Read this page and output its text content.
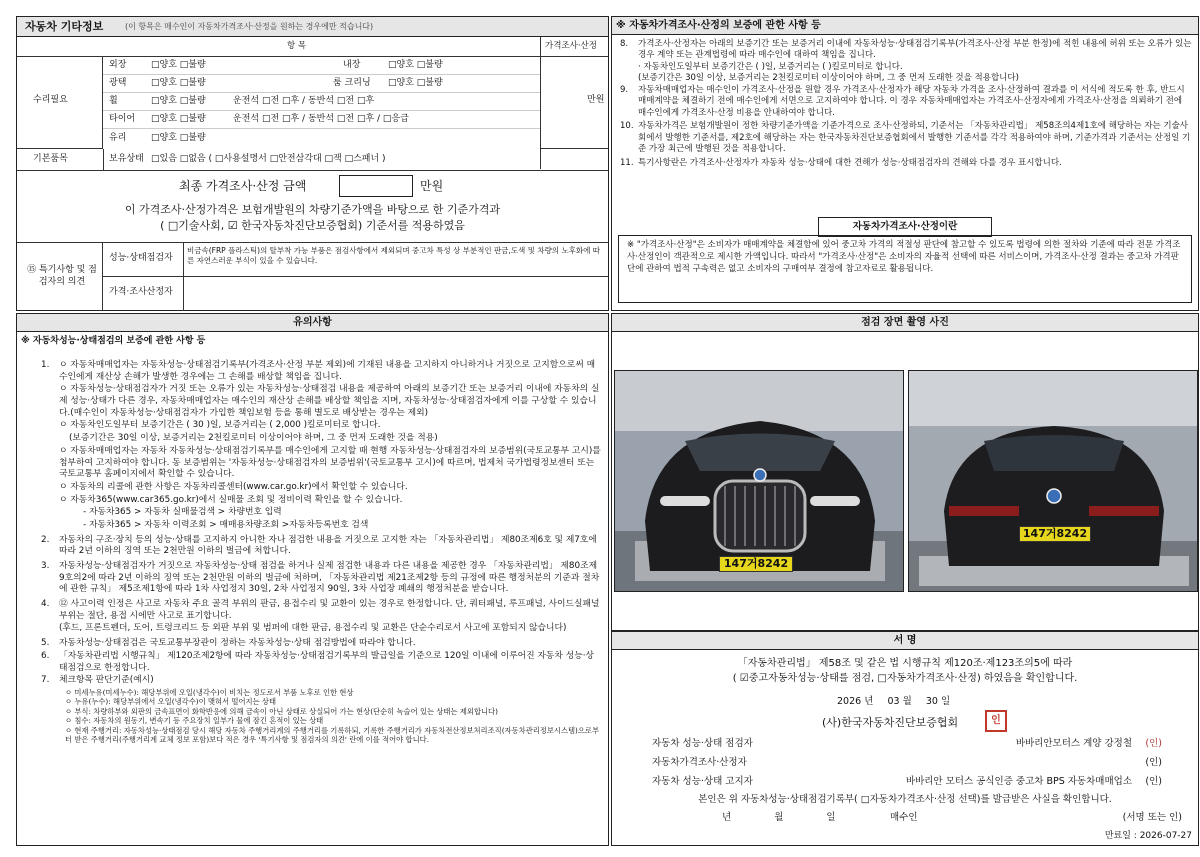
자동차 기타정보	(이 항목은 매수인이 자동차가격조사·산정을 원하는 경우에만 적습니다)
항 목	가격조사·산정
수리필요
외장	□양호 □불량	내장	□양호 □불량
광택	□양호 □불량	룸 크리닝 □양호 □불량
휠	□양호 □불량	운전석 □전 □후 / 동반석 □전 □후
타이어 □양호 □불량	운전석 □전 □후 / 동반석 □전 □후 / □응급
유리	□양호 □불량
만원
기본품목	보유상태 □있음 □없음 ( □사용설명서 □안전삼각대 □잭 □스패너 )
최종 가격조사·산정 금액	만원
이 가격조사·산정가격은 보험개발원의 차량기준가액을 바탕으로 한 기준가격과
( □기술사회, ☑ 한국자동차진단보증협회) 기준서를 적용하였음
⑮ 특기사항 및 점검자의 의견
성능·상태점검자
비금속(FRP 플라스틱)의 탈부착 가능 부품은 점검사항에서 제외되며 중고차 특성 상 부분적인 판금,도색 및 차량의 노후화에 따른 자연스러운 부식이 있을 수 있습니다.
가격·조사산정자
※ 자동차가격조사·산정의 보증에 관한 사항 등
8.	가격조사·산정자는 아래의 보증기간 또는 보증거리 이내에 자동차성능·상태점검기록부(가격조사·산정 부분 한정)에 적힌 내용에 허위 또는 오류가 있는 경우 계약 또는 관계법령에 따라 매수인에 대하여 책임을 집니다.
· 자동차인도일부터 보증기간은 ( )일, 보증거리는 ( )킬로미터로 합니다.
(보증기간은 30일 이상, 보증거리는 2천킬로미터 이상이어야 하며, 그 중 먼저 도래한 것을 적용합니다)
9.	자동차매매업자는 매수인이 가격조사·산정을 원할 경우 가격조사·산정자가 해당 자동차 가격을 조사·산정하여 결과를 이 서식에 적도록 한 후, 반드시 매매계약을 체결하기 전에 매수인에게 서면으로 고지하여야 합니다. 이 경우 자동차매매업자는 가격조사·산정자에게 가격조사·산정을 의뢰하기 전에 매수인에게 가격조사·산정 비용을 안내하여야 합니다.
10. 자동차가격은 보험개발원이 정한 차량기준가액을 기준가격으로 조사·산정하되, 기준서는 「자동차관리법」 제58조의4제1호에 해당하는 자는 기술사회에서 발행한 기준서를, 제2호에 해당하는 자는 한국자동차진단보증협회에서 발행한 기준서를 각각 적용하여야 하며, 기준가격과 기준서는 산정일 기준 가장 최근에 발행된 것을 적용합니다.
11. 특기사항란은 가격조사·산정자가 자동차 성능·상태에 대한 견해가 성능·상태점검자의 견해와 다를 경우 표시합니다.
자동차가격조사·산정이란
※ "가격조사·산정"은 소비자가 매매계약을 체결함에 있어 중고차 가격의 적절성 판단에 참고할 수 있도록 법령에 의한 절차와 기준에 따라 전문 가격조사·산정인이 객관적으로 제시한 가액입니다. 따라서 "가격조사·산정"은 소비자의 자율적 선택에 따른 서비스이며, 가격조사·산정 결과는 중고차 가격판단에 관하여 법적 구속력은 없고 소비자의 구매여부 결정에 참고자료로 활용됩니다.
유의사항
※ 자동차성능·상태점검의 보증에 관한 사항 등
1.	ㅇ 자동차매매업자는 자동차성능·상태점검기록부(가격조사·산정 부분 제외)에 기재된 내용을 고지하지 아니하거나 거짓으로 고지함으로써 매수인에게 재산상 손해가 발생한 경우에는 그 손해를 배상할 책임을 집니다.
ㅇ 자동차성능·상태점검자가 거짓 또는 오류가 있는 자동차성능·상태점검 내용을 제공하여 아래의 보증기간 또는 보증거리 이내에 자동차의 실제 성능·상태가 다른 경우, 자동차매매업자는 매수인의 재산상 손해를 배상할 책임을 지며, 자동차성능·상태점검자에게 이를 구상할 수 있습니다.(매수인이 자동차성능·상태점검자가 가입한 책임보험 등을 통해 별도로 배상받는 경우는 제외)
ㅇ 자동차인도일부터 보증기간은 ( 30 )일, 보증거리는 ( 2,000 )킬로미터로 합니다.
(보증기간은 30일 이상, 보증거리는 2천킬로미터 이상이어야 하며, 그 중 먼저 도래한 것을 적용)
ㅇ 자동차매매업자는 자동차 자동차성능·상태점검기록부를 매수인에게 고지할 때 현행 자동차성능·상태점검자의 보증범위(국토교통부 고시)를 첨부하여 고지하여야 합니다. 동 보증범위는 '자동차성능·상태점검자의 보증범위'(국토교통부 고시)에 따르며, 법제처 국가법령정보센터 또는 국토교통부 홈페이지에서 확인할 수 있습니다.
ㅇ 자동차의 리콜에 관한 사항은 자동차리콜센터(www.car.go.kr)에서 확인할 수 있습니다.
ㅇ 자동차365(www.car365.go.kr)에서 실매물 조회 및 정비이력 확인을 할 수 있습니다.
- 자동차365 > 자동차 실매물검색 > 차량번호 입력
- 자동차365 > 자동차 이력조회 > 매매용차량조회 >자동차등록번호 검색
2.	자동차의 구조·장치 등의 성능·상태를 고지하지 아니한 자나 점검한 내용을 거짓으로 고지한 자는 「자동차관리법」 제80조제6호 및 제7호에 따라 2년 이하의 징역 또는 2천만원 이하의 벌금에 처합니다.
3.	자동차성능·상태점검자가 거짓으로 자동차성능·상태 점검을 하거나 실제 점검한 내용과 다른 내용을 제공한 경우 「자동차관리법」 제80조제9호의2에 따라 2년 이하의 징역 또는 2천만원 이하의 벌금에 처하며, 「자동차관리법 제21조제2항 등의 규정에 따른 행정처분의 기준과 절차에 관한 규칙」 제5조제1항에 따라 1차 사업정지 30일, 2차 사업정지 90일, 3차 사업장 폐쇄의 행정처분을 받습니다.
4.	⑫ 사고이력 인정은 사고로 자동차 주요 골격 부위의 판금, 용접수리 및 교환이 있는 경우로 한정합니다. 단, 쿼터패널, 루프패널, 사이드실패널 부위는 절단, 용접 시에만 사고로 표기합니다.
(후드, 프론트펜더, 도어, 트렁크리드 등 외판 부위 및 범퍼에 대한 판금, 용접수리 및 교환은 단순수리로서 사고에 포함되지 않습니다)
5.	자동차성능·상태점검은 국토교통부장관이 정하는 자동차성능·상태 점검방법에 따라야 합니다.
6.	「자동차관리법 시행규칙」 제120조제2항에 따라 자동차성능·상태점검기록부의 발급일을 기준으로 120일 이내에 이루어진 자동차 성능·상태점검으로 한정합니다.
7.	체크항목 판단기준(예시)
ㅇ 미세누유(미세누수): 해당부위에 오일(냉각수)이 비치는 정도로서 부품 노후로 인한 현상
ㅇ 누유(누수): 해당부위에서 오일(냉각수)이 맺혀서 떨어지는 상태
ㅇ 부식: 차량하부와 외판의 금속표면이 화학반응에 의해 금속이 아닌 상태로 상실되어 가는 현상(단순히 녹슬어 있는 상태는 제외합니다)
ㅇ 침수: 자동차의 원동기, 변속기 등 주요장치 일부가 물에 잠긴 흔적이 있는 상태
ㅇ 현재 주행거리: 자동차성능·상태점검 당시 해당 자동차 주행거리계의 주행거리를 기록하되, 기록한 주행거리가 자동차전산정보처리조직(자동차관리정보시스템)으로부터 받은 주행거리(주행거리계 교체 정보 포함)보다 적은 경우 '특기사항 및 점검자의 의견' 란에 이를 적어야 합니다.
점검 장면 촬영 사진
147거8242
147거8242
서 명
「자동차관리법」 제58조 및 같은 법 시행규칙 제120조·제123조의5에 따라
( ☑중고자동차성능·상태를 점검, □자동차가격조사·산정) 하였음을 확인합니다.
2026 년 03 월 30 일
(사)한국자동차진단보증협회	인
자동차 성능·상태 점검자	바바리안모터스 계양 강정철 (인)
자동차가격조사·산정자	(인)
자동차 성능·상태 고지자	바바리안 모터스 공식인증 중고차 BPS 자동차매매업소 (인)
본인은 위 자동차성능·상태점검기록부( □자동차가격조사·산정 선택)를 발급받은 사실을 확인합니다.
년 월 일	매수인	(서명 또는 인)
만료일 : 2026-07-27
